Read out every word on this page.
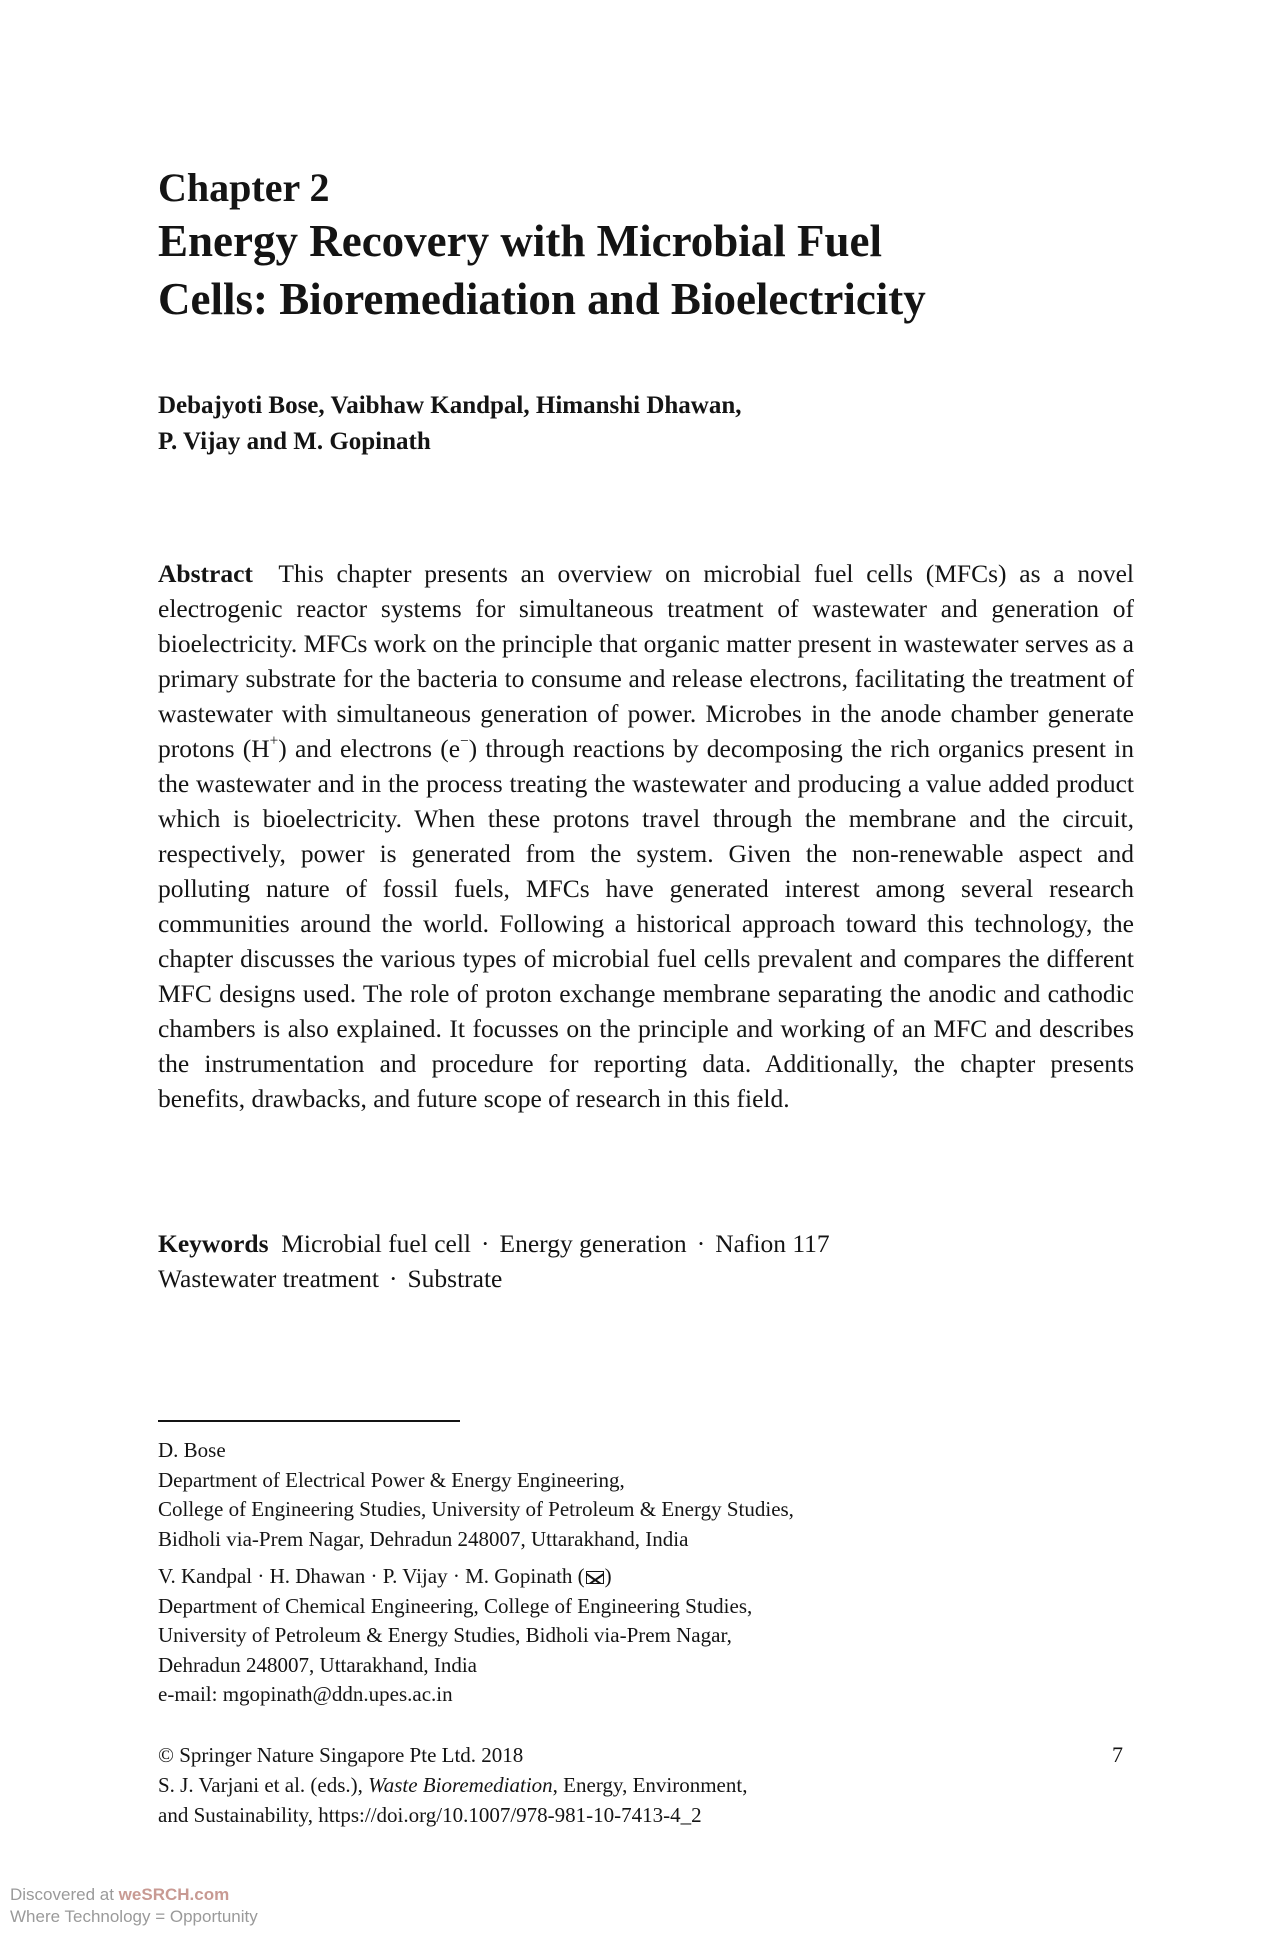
Chapter 2
Energy Recovery with Microbial Fuel
Cells: Bioremediation and Bioelectricity
Debajyoti Bose, Vaibhaw Kandpal, Himanshi Dhawan,
P. Vijay and M. Gopinath

Abstract This chapter presents an overview on microbial fuel cells (MFCs) as a novel electrogenic reactor systems for simultaneous treatment of wastewater and generation of bioelectricity. MFCs work on the principle that organic matter present in wastewater serves as a primary substrate for the bacteria to consume and release electrons, facilitating the treatment of wastewater with simultaneous generation of power. Microbes in the anode chamber generate protons (H+) and electrons (e−) through reactions by decomposing the rich organics present in the wastewater and in the process treating the wastewater and producing a value added product which is bioelectricity. When these protons travel through the membrane and the circuit, respectively, power is generated from the system. Given the non-renewable aspect and polluting nature of fossil fuels, MFCs have generated interest among several research communities around the world. Following a historical approach toward this technology, the chapter discusses the various types of microbial fuel cells prevalent and compares the different MFC designs used. The role of proton exchange membrane separating the anodic and cathodic chambers is also explained. It focusses on the principle and working of an MFC and describes the instrumentation and procedure for reporting data. Additionally, the chapter presents benefits, drawbacks, and future scope of research in this field.

Keywords Microbial fuel cell · Energy generation · Nafion 117
Wastewater treatment · Substrate

D. Bose
Department of Electrical Power & Energy Engineering,
College of Engineering Studies, University of Petroleum & Energy Studies,
Bidholi via-Prem Nagar, Dehradun 248007, Uttarakhand, India
V. Kandpal · H. Dhawan · P. Vijay · M. Gopinath ( )
Department of Chemical Engineering, College of Engineering Studies,
University of Petroleum & Energy Studies, Bidholi via-Prem Nagar,
Dehradun 248007, Uttarakhand, India
e-mail: mgopinath@ddn.upes.ac.in
© Springer Nature Singapore Pte Ltd. 2018
S. J. Varjani et al. (eds.), Waste Bioremediation, Energy, Environment,
and Sustainability, https://doi.org/10.1007/978-981-10-7413-4_2
7
Discovered at weSRCH.com
Where Technology = Opportunity
